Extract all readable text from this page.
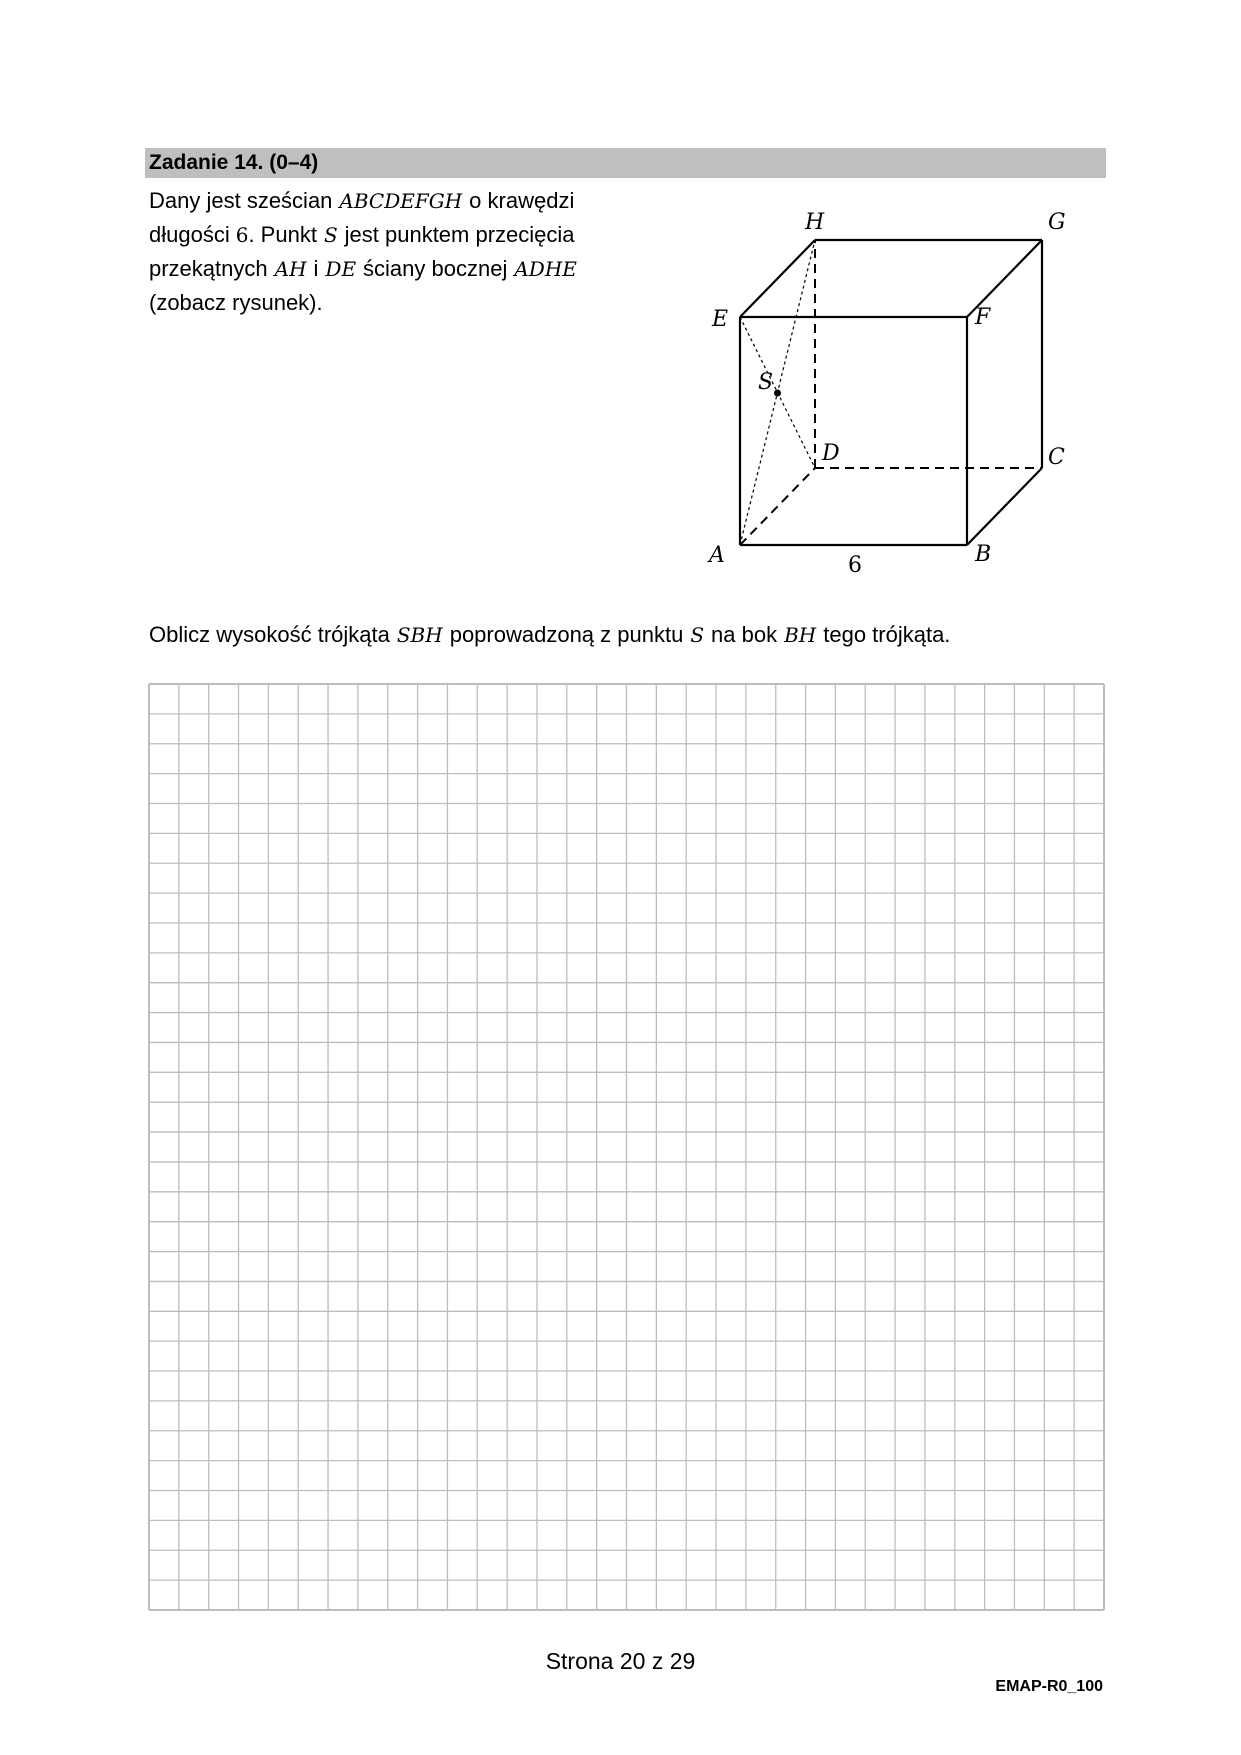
Zadanie 14. (0–4)
Dany jest sześcian ABCDEFGH o krawędzi
długości 6. Punkt S jest punktem przecięcia
przekątnych AH i DE ściany bocznej ADHE
(zobacz rysunek).
H	G
E	F
S
D	C
A	B
6
Oblicz wysokość trójkąta SBH poprowadzoną z punktu S na bok BH tego trójkąta.
Strona 20 z 29
EMAP-R0_100
